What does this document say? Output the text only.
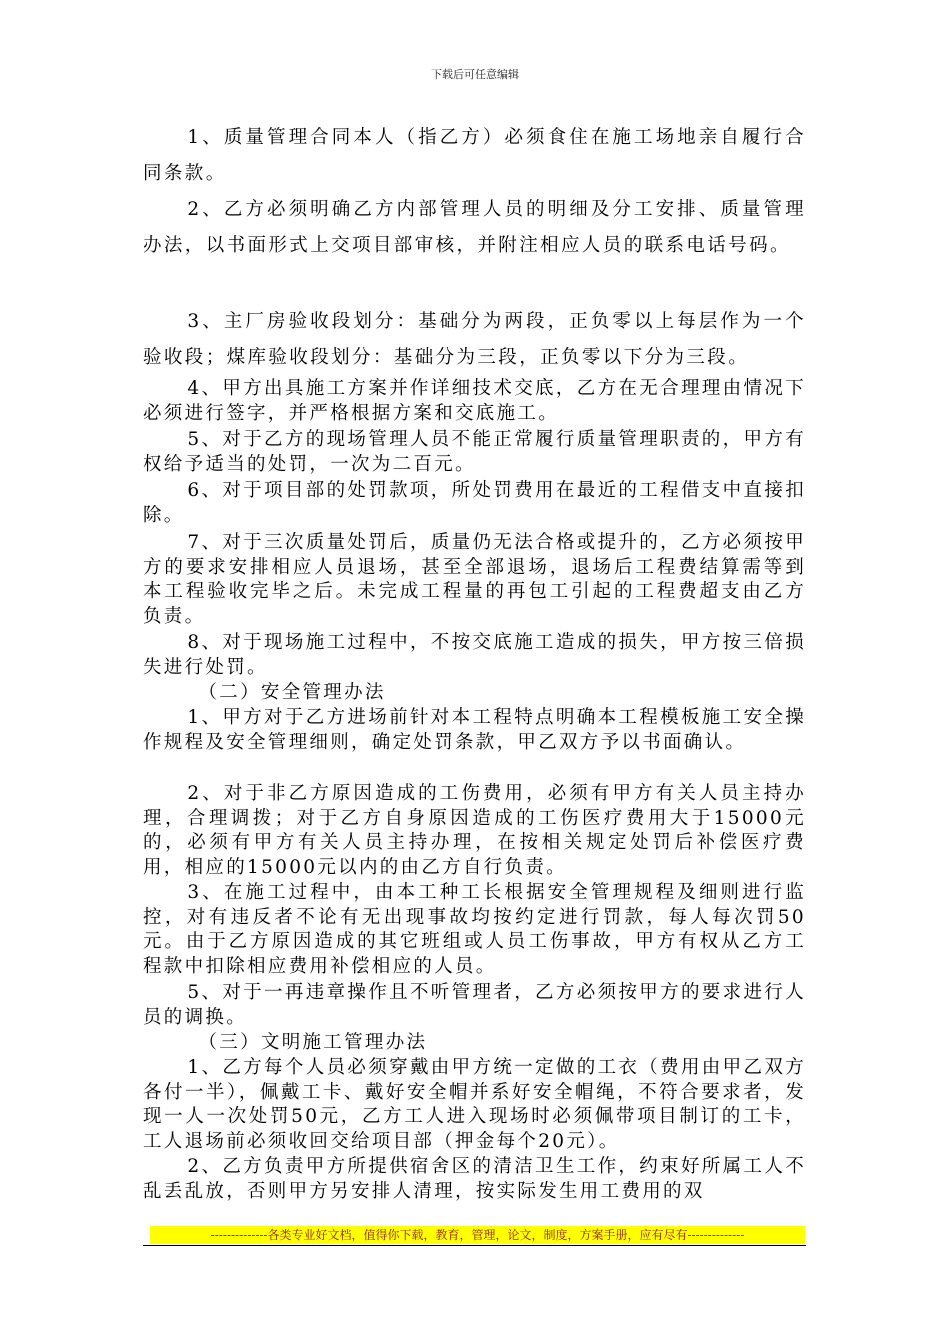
下载后可任意编辑
1、质量管理合同本人（指乙方）必须食住在施工场地亲自履行合同条款。
2、乙方必须明确乙方内部管理人员的明细及分工安排、质量管理办法，以书面形式上交项目部审核，并附注相应人员的联系电话号码。
3、主厂房验收段划分：基础分为两段，正负零以上每层作为一个验收段；煤库验收段划分：基础分为三段，正负零以下分为三段。
4、甲方出具施工方案并作详细技术交底，乙方在无合理理由情况下必须进行签字，并严格根据方案和交底施工。
5、对于乙方的现场管理人员不能正常履行质量管理职责的，甲方有权给予适当的处罚，一次为二百元。
6、对于项目部的处罚款项，所处罚费用在最近的工程借支中直接扣除。
7、对于三次质量处罚后，质量仍无法合格或提升的，乙方必须按甲方的要求安排相应人员退场，甚至全部退场，退场后工程费结算需等到本工程验收完毕之后。未完成工程量的再包工引起的工程费超支由乙方负责。
8、对于现场施工过程中，不按交底施工造成的损失，甲方按三倍损失进行处罚。
（二）安全管理办法
1、甲方对于乙方进场前针对本工程特点明确本工程模板施工安全操作规程及安全管理细则，确定处罚条款，甲乙双方予以书面确认。
2、对于非乙方原因造成的工伤费用，必须有甲方有关人员主持办理，合理调拨；对于乙方自身原因造成的工伤医疗费用大于15000元的，必须有甲方有关人员主持办理，在按相关规定处罚后补偿医疗费用，相应的15000元以内的由乙方自行负责。
3、在施工过程中，由本工种工长根据安全管理规程及细则进行监控，对有违反者不论有无出现事故均按约定进行罚款，每人每次罚50元。由于乙方原因造成的其它班组或人员工伤事故，甲方有权从乙方工程款中扣除相应费用补偿相应的人员。
5、对于一再违章操作且不听管理者，乙方必须按甲方的要求进行人员的调换。
（三）文明施工管理办法
1、乙方每个人员必须穿戴由甲方统一定做的工衣（费用由甲乙双方各付一半），佩戴工卡、戴好安全帽并系好安全帽绳，不符合要求者，发现一人一次处罚50元，乙方工人进入现场时必须佩带项目制订的工卡，工人退场前必须收回交给项目部（押金每个20元）。
2、乙方负责甲方所提供宿舍区的清洁卫生工作，约束好所属工人不乱丢乱放，否则甲方另安排人清理，按实际发生用工费用的双
--------------各类专业好文档，值得你下载，教育，管理，论文，制度，方案手册，应有尽有--------------
